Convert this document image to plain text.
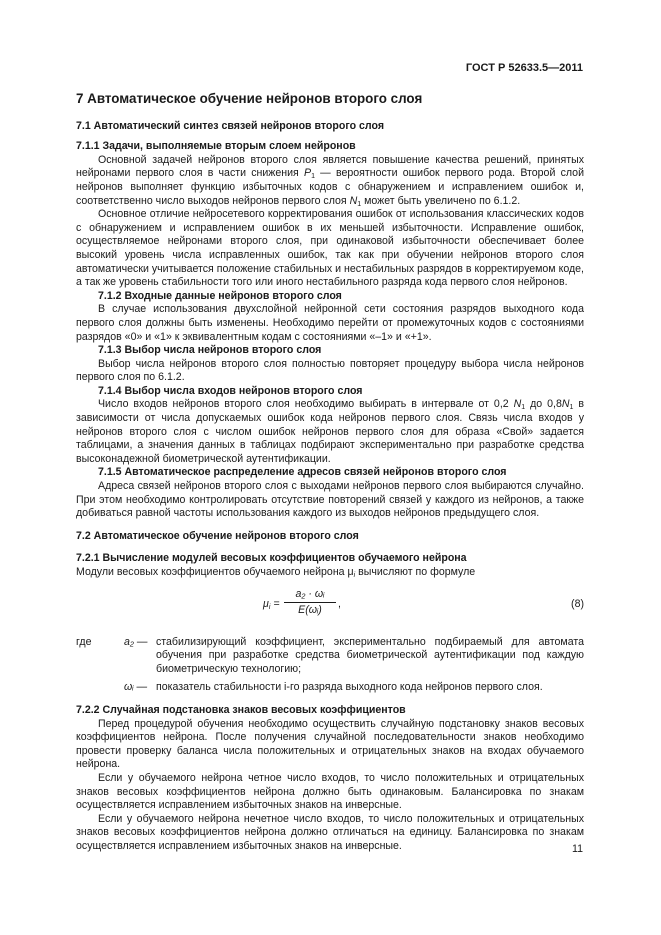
ГОСТ Р 52633.5—2011
7 Автоматическое обучение нейронов второго слоя
7.1 Автоматический синтез связей нейронов второго слоя
7.1.1 Задачи, выполняемые вторым слоем нейронов

Основной задачей нейронов второго слоя является повышение качества решений, принятых нейронами первого слоя в части снижения $P_1$ — вероятности ошибок первого рода. Второй слой нейронов выполняет функцию избыточных кодов с обнаружением и исправлением ошибок и, соответственно число выходов нейронов первого слоя $N_1$ может быть увеличено по 6.1.2.

Основное отличие нейросетевого корректирования ошибок от использования классических кодов с обнаружением и исправлением ошибок в их меньшей избыточности. Исправление ошибок, осуществляемое нейронами второго слоя, при одинаковой избыточности обеспечивает более высокий уровень числа исправленных ошибок, так как при обучении нейронов второго слоя автоматически учитывается положение стабильных и нестабильных разрядов в корректируемом коде, а так же уровень стабильности того или иного нестабильного разряда кода первого слоя нейронов.

7.1.2 Входные данные нейронов второго слоя

В случае использования двухслойной нейронной сети состояния разрядов выходного кода первого слоя должны быть изменены. Необходимо перейти от промежуточных кодов с состояниями разрядов «0» и «1» к эквивалентным кодам с состояниями «–1» и «+1».

7.1.3 Выбор числа нейронов второго слоя

Выбор числа нейронов второго слоя полностью повторяет процедуру выбора числа нейронов первого слоя по 6.1.2.

7.1.4 Выбор числа входов нейронов второго слоя

Число входов нейронов второго слоя необходимо выбирать в интервале от 0,2 $N_1$ до $0,8N_1$ в зависимости от числа допускаемых ошибок кода нейронов первого слоя. Связь числа входов у нейронов второго слоя с числом ошибок нейронов первого слоя для образа «Свой» задается таблицами, а значения данных в таблицах подбирают экспериментально при разработке средства высоконадежной биометрической аутентификации.

7.1.5 Автоматическое распределение адресов связей нейронов второго слоя

Адреса связей нейронов второго слоя с выходами нейронов первого слоя выбираются случайно. При этом необходимо контролировать отсутствие повторений связей у каждого из нейронов, а также добиваться равной частоты использования каждого из выходов нейронов предыдущего слоя.

7.2 Автоматическое обучение нейронов второго слоя
7.2.1 Вычисление модулей весовых коэффициентов обучаемого нейрона

Модули весовых коэффициентов обучаемого нейрона $\mu_i$ вычисляют по формуле

$\mu_i = \frac{\text{a₂ · ωᵢ}}{\text{E(ωᵢ)}}$ ,	(8)
где	a₂ — стабилизирующий коэффициент, экспериментально подбираемый для автомата обучения при разработке средства биометрической аутентификации под каждую биометрическую технологию;
ωᵢ — показатель стабильности i-го разряда выходного кода нейронов первого слоя.
7.2.2 Случайная подстановка знаков весовых коэффициентов

Перед процедурой обучения необходимо осуществить случайную подстановку знаков весовых коэффициентов нейрона. После получения случайной последовательности знаков необходимо провести проверку баланса числа положительных и отрицательных знаков на входах обучаемого нейрона.

Если у обучаемого нейрона четное число входов, то число положительных и отрицательных знаков весовых коэффициентов нейрона должно быть одинаковым. Балансировка по знакам осуществляется исправлением избыточных знаков на инверсные.

Если у обучаемого нейрона нечетное число входов, то число положительных и отрицательных знаков весовых коэффициентов нейрона должно отличаться на единицу. Балансировка по знакам осуществляется исправлением избыточных знаков на инверсные.	11
